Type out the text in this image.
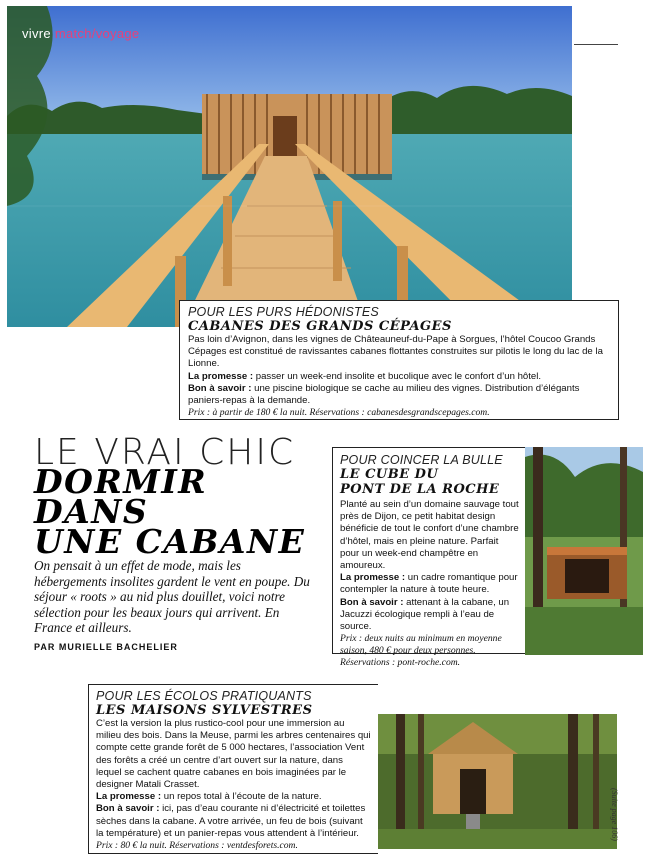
vivre match/voyage
POUR LES PURS HÉDONISTES
CABANES DES GRANDS CÉPAGES
Pas loin d’Avignon, dans les vignes de Châteauneuf-du-Pape à Sorgues, l’hôtel Coucoo Grands Cépages est constitué de ravissantes cabanes flottantes construites sur pilotis le long du lac de la Lionne.
La promesse : passer un week-end insolite et bucolique avec le confort d’un hôtel.
Bon à savoir : une piscine biologique se cache au milieu des vignes. Distribution d’élégants paniers-repas à la demande.
Prix : à partir de 180 € la nuit. Réservations : cabanesdesgrandscepages.com.
LE VRAI CHIC
DORMIR
DANS
UNE CABANE
On pensait à un effet de mode, mais les hébergements insolites gardent le vent en poupe. Du séjour « roots » au nid plus douillet, voici notre sélection pour les beaux jours qui arrivent. En France et ailleurs.
PAR MURIELLE BACHELIER
POUR COINCER LA BULLE
LE CUBE DU
PONT DE LA ROCHE
Planté au sein d’un domaine sauvage tout près de Dijon, ce petit habitat design bénéficie de tout le confort d’une chambre d’hôtel, mais en pleine nature. Parfait pour un week-end champêtre en amoureux.
La promesse : un cadre romantique pour contempler la nature à toute heure.
Bon à savoir : attenant à la cabane, un Jacuzzi écologique rempli à l’eau de source.
Prix : deux nuits au minimum en moyenne saison, 480 € pour deux personnes. Réservations : pont-roche.com.
POUR LES ÉCOLOS PRATIQUANTS
LES MAISONS SYLVESTRES
C’est la version la plus rustico-cool pour une immersion au milieu des bois. Dans la Meuse, parmi les arbres centenaires qui compte cette grande forêt de 5 000 hectares, l’association Vent des forêts a créé un centre d’art ouvert sur la nature, dans lequel se cachent quatre cabanes en bois imaginées par le designer Matali Crasset.
La promesse : un repos total à l’écoute de la nature.
Bon à savoir : ici, pas d’eau courante ni d’électricité et toilettes sèches dans la cabane. A votre arrivée, un feu de bois (suivant la température) et un panier-repas vous attendent à l’intérieur.
Prix : 80 € la nuit. Réservations : ventdesforets.com.
(Suite page 106)
